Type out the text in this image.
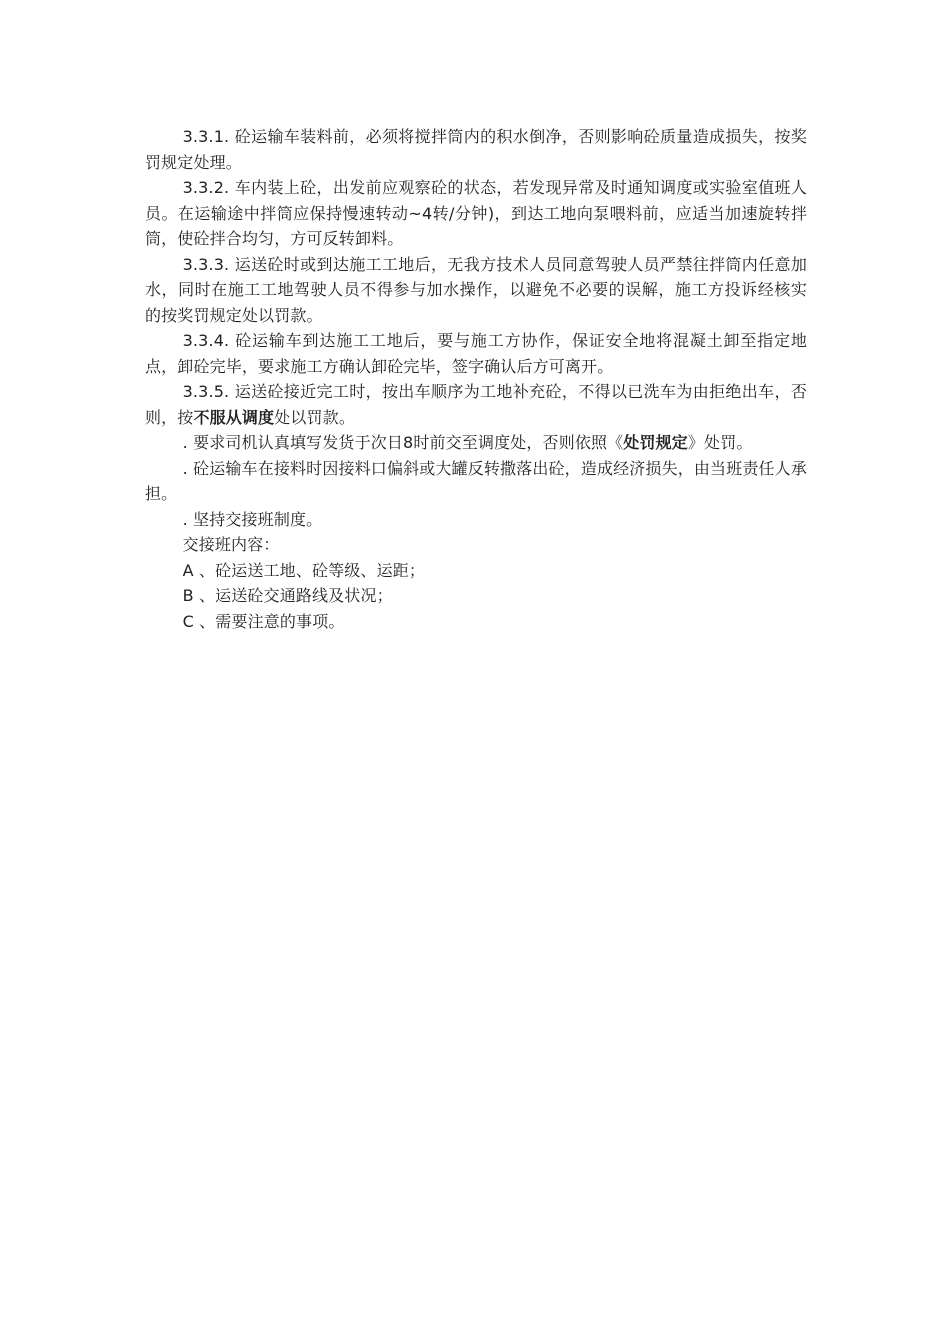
3.3.1. 砼运输车装料前，必须将搅拌筒内的积水倒净，否则影响砼质量造成损失，按奖罚规定处理。

3.3.2. 车内装上砼，出发前应观察砼的状态，若发现异常及时通知调度或实验室值班人员。在运输途中拌筒应保持慢速转动~4转/分钟)，到达工地向泵喂料前，应适当加速旋转拌筒，使砼拌合均匀，方可反转卸料。

3.3.3. 运送砼时或到达施工工地后，无我方技术人员同意驾驶人员严禁往拌筒内任意加水，同时在施工工地驾驶人员不得参与加水操作，以避免不必要的误解，施工方投诉经核实的按奖罚规定处以罚款。

3.3.4. 砼运输车到达施工工地后，要与施工方协作，保证安全地将混凝土卸至指定地点，卸砼完毕，要求施工方确认卸砼完毕，签字确认后方可离开。

3.3.5. 运送砼接近完工时，按出车顺序为工地补充砼，不得以已洗车为由拒绝出车，否则，按不服从调度处以罚款。

. 要求司机认真填写发货于次日8时前交至调度处，否则依照《处罚规定》处罚。

. 砼运输车在接料时因接料口偏斜或大罐反转撒落出砼，造成经济损失，由当班责任人承担。

. 坚持交接班制度。

交接班内容：

A 、砼运送工地、砼等级、运距；

B 、运送砼交通路线及状况；

C 、需要注意的事项。
